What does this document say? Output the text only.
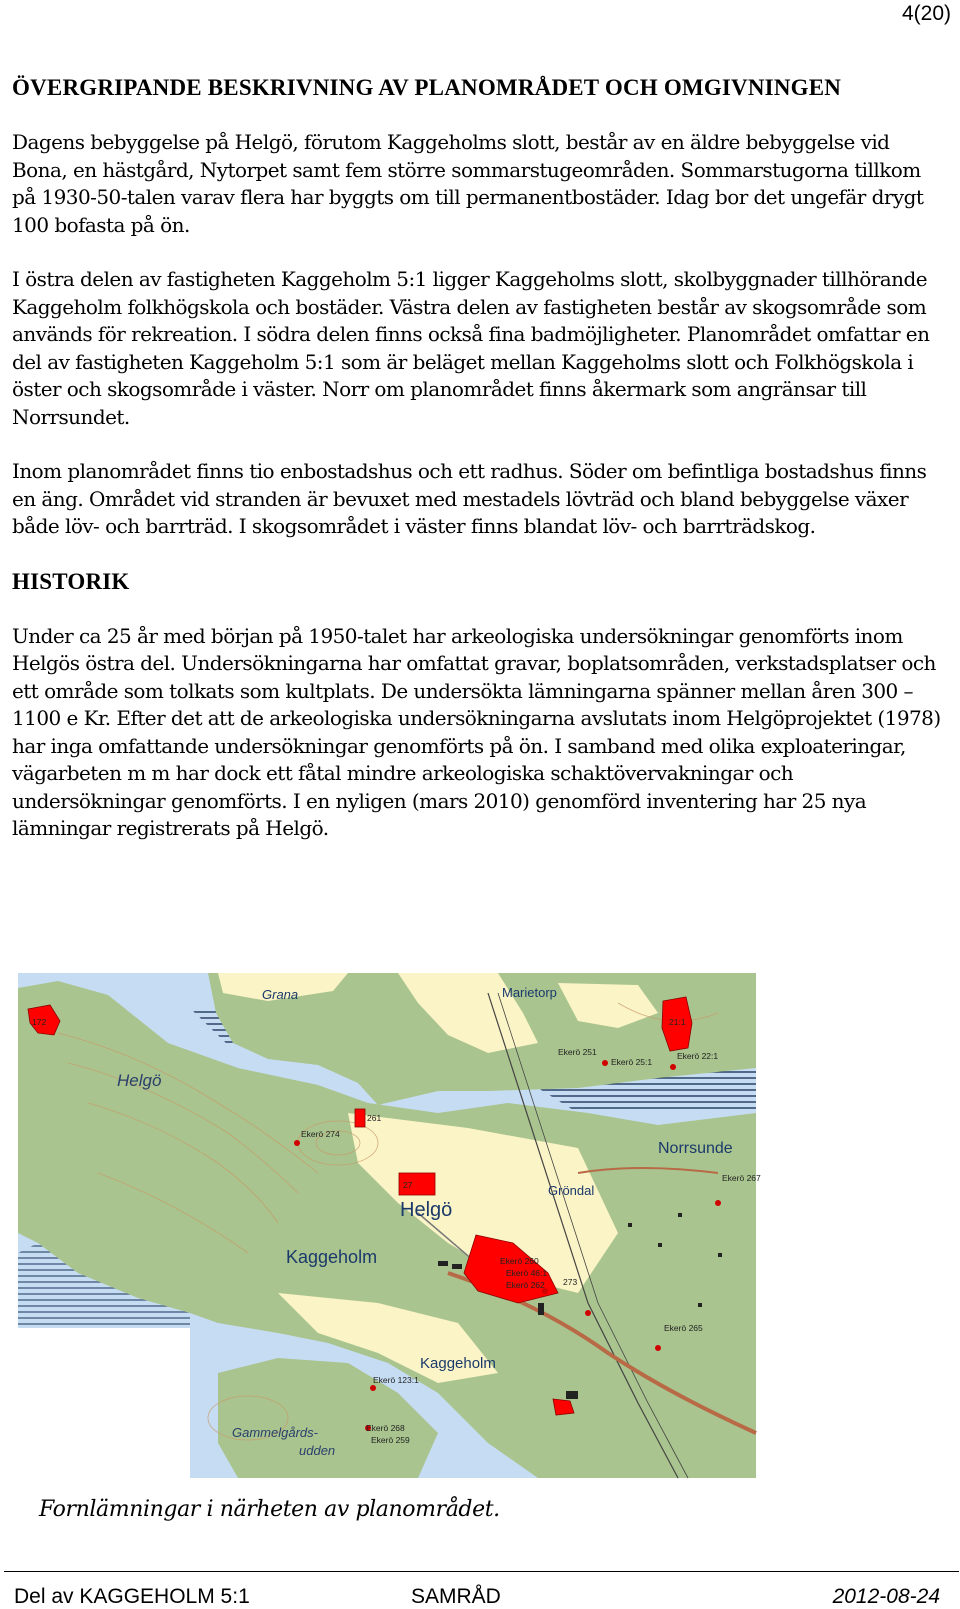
4(20)
ÖVERGRIPANDE BESKRIVNING AV PLANOMRÅDET OCH OMGIVNINGEN

Dagens bebyggelse på Helgö, förutom Kaggeholms slott, består av en äldre bebyggelse vid Bona, en hästgård, Nytorpet samt fem större sommarstugeområden. Sommarstugorna tillkom på 1930-50-talen varav flera har byggts om till permanentbostäder. Idag bor det ungefär drygt 100 bofasta på ön.

I östra delen av fastigheten Kaggeholm 5:1 ligger Kaggeholms slott, skolbyggnader tillhörande Kaggeholm folkhögskola och bostäder. Västra delen av fastigheten består av skogsområde som används för rekreation. I södra delen finns också fina badmöjligheter. Planområdet omfattar en del av fastigheten Kaggeholm 5:1 som är beläget mellan Kaggeholms slott och Folkhögskola i öster och skogsområde i väster. Norr om planområdet finns åkermark som angränsar till Norrsundet.

Inom planområdet finns tio enbostadshus och ett radhus. Söder om befintliga bostadshus finns en äng. Området vid stranden är bevuxet med mestadels lövträd och bland bebyggelse växer både löv- och barrträd. I skogsområdet i väster finns blandat löv- och barrträdskog.

HISTORIK

Under ca 25 år med början på 1950-talet har arkeologiska undersökningar genomförts inom Helgös östra del. Undersökningarna har omfattat gravar, boplatsområden, verkstadsplatser och ett område som tolkats som kultplats. De undersökta lämningarna spänner mellan åren 300 – 1100 e Kr. Efter det att de arkeologiska undersökningarna avslutats inom Helgöprojektet (1978) har inga omfattande undersökningar genomförts på ön. I samband med olika exploateringar, vägarbeten m m har dock ett fåtal mindre arkeologiska schaktövervakningar och undersökningar genomförts. I en nyligen (mars 2010) genomförd inventering har 25 nya lämningar registrerats på Helgö.

Grana	Marietorp
Helgö
Helgö
Norrsunde
Gröndal
Kaggeholm
Kaggeholm
Gammelgårds-
udden
172
Ekerö 251
Ekerö 25:1
21:1
Ekerö 22:1
261
Ekerö 274
27
Ekerö 267
Ekerö 260
Ekerö 46:1
Ekerö 262 273
Ekerö 265
Ekerö 123:1
Ekerö 268
Ekerö 259
Fornlämningar i närheten av planområdet.
Del av KAGGEHOLM 5:1	SAMRÅD	2012-08-24
